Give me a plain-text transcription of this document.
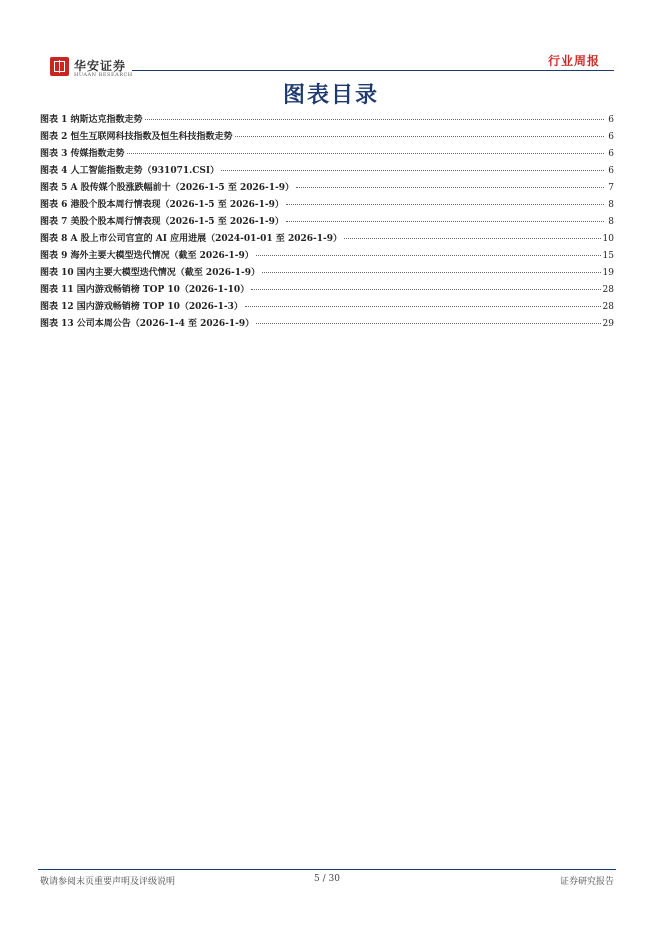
华安证券
HUAAN RESEARCH
行业周报
图表目录
图表 1 纳斯达克指数走势	6
图表 2 恒生互联网科技指数及恒生科技指数走势	6
图表 3 传媒指数走势	6
图表 4 人工智能指数走势（931071.CSI）	6
图表 5 A 股传媒个股涨跌幅前十（2026-1-5 至 2026-1-9）	7
图表 6 港股个股本周行情表现（2026-1-5 至 2026-1-9）	8
图表 7 美股个股本周行情表现（2026-1-5 至 2026-1-9）	8
图表 8 A 股上市公司官宣的 AI 应用进展（2024-01-01 至 2026-1-9）	10
图表 9 海外主要大模型迭代情况（截至 2026-1-9）	15
图表 10 国内主要大模型迭代情况（截至 2026-1-9）	19
图表 11 国内游戏畅销榜 TOP 10（2026-1-10）	28
图表 12 国内游戏畅销榜 TOP 10（2026-1-3）	28
图表 13 公司本周公告（2026-1-4 至 2026-1-9）	29
敬请参阅末页重要声明及评级说明	5 / 30	证券研究报告
